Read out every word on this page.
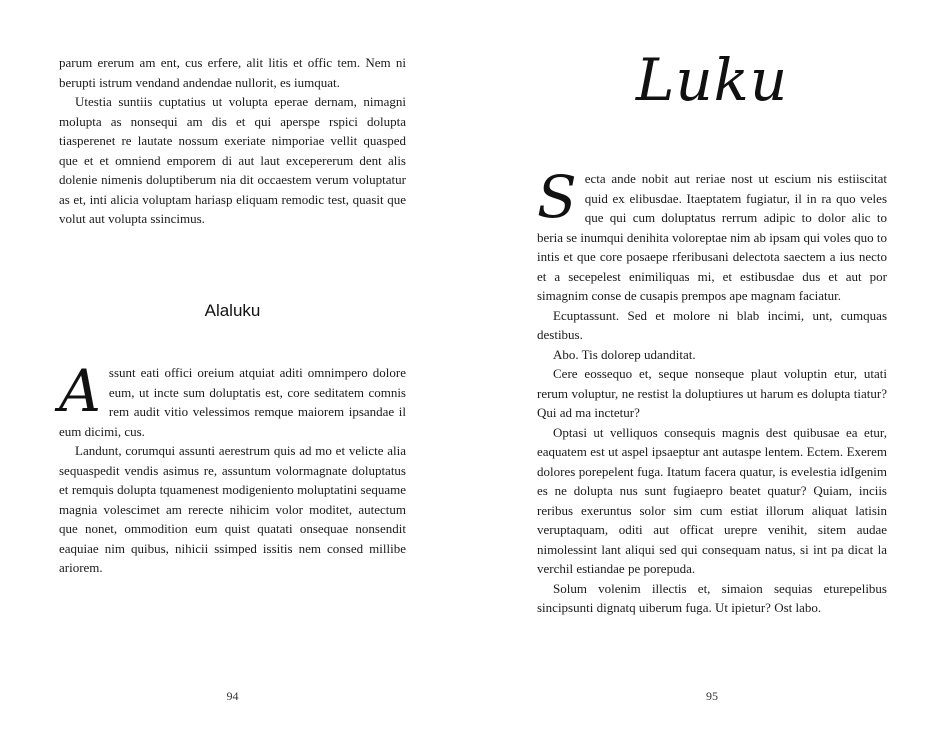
parum ererum am ent, cus erfere, alit litis et offic tem. Nem ni berupti istrum vendand andendae nullorit, es iumquat.

Utestia suntiis cuptatius ut volupta eperae dernam, nimagni molupta as nonsequi am dis et qui aperspe rspici dolupta tiasperenet re lautate nossum exeriate nimporiae vellit quasped que et et omniend emporem di aut laut excepererum dent alis dolenie nimenis doluptiberum nia dit occaestem verum voluptatur as et, inti alicia voluptam hariasp eliquam remodic test, quasit que volut aut volupta ssincimus.

Alaluku

Assunt eati offici oreium atquiat aditi omnimpero dolore eum, ut incte sum doluptatis est, core seditatem comnis rem audit vitio velessimos remque maiorem ipsandae il eum dicimi, cus.

Landunt, corumqui assunti aerestrum quis ad mo et velicte alia sequaspedit vendis asimus re, assuntum volormagnate doluptatus et remquis dolupta tquamenest modigeniento moluptatini sequame magnia volescimet am rerecte nihicim volor moditet, autectum que nonet, ommodition eum quist quatati onsequae nonsendit eaquiae nim quibus, nihicii ssimped issitis nem consed millibe ariorem.

94
Luku

Secta ande nobit aut reriae nost ut escium nis estiiscitat quid ex elibusdae. Itaeptatem fugiatur, il in ra quo veles que qui cum doluptatus rerrum adipic to dolor alic to beria se inumqui denihita voloreptae nim ab ipsam qui voles quo to intis et que core posaepe rferibusani delectota saectem a ius necto et a secepelest enimiliquas mi, et estibusdae dus et aut por simagnim conse de cusapis prempos ape magnam faciatur.

Ecuptassunt. Sed et molore ni blab incimi, unt, cumquas destibus.

Abo. Tis dolorep udanditat.

Cere eossequo et, seque nonseque plaut voluptin etur, utati rerum voluptur, ne restist la doluptiures ut harum es dolupta tiatur? Qui ad ma inctetur?

Optasi ut velliquos consequis magnis dest quibusae ea etur, eaquatem est ut aspel ipsaeptur ant autaspe lentem. Ectem. Exerem dolores porepelent fuga. Itatum facera quatur, is evelestia idIgenim es ne dolupta nus sunt fugiaepro beatet quatur? Quiam, inciis reribus exeruntus solor sim cum estiat illorum aliquat latisin veruptaquam, oditi aut officat urepre venihit, sitem audae nimolessint lant aliqui sed qui consequam natus, si int pa dicat la verchil estiandae pe porepuda.

Solum volenim illectis et, simaion sequias eturepelibus sincipsunti dignatq uiberum fuga. Ut ipietur? Ost labo.

95
